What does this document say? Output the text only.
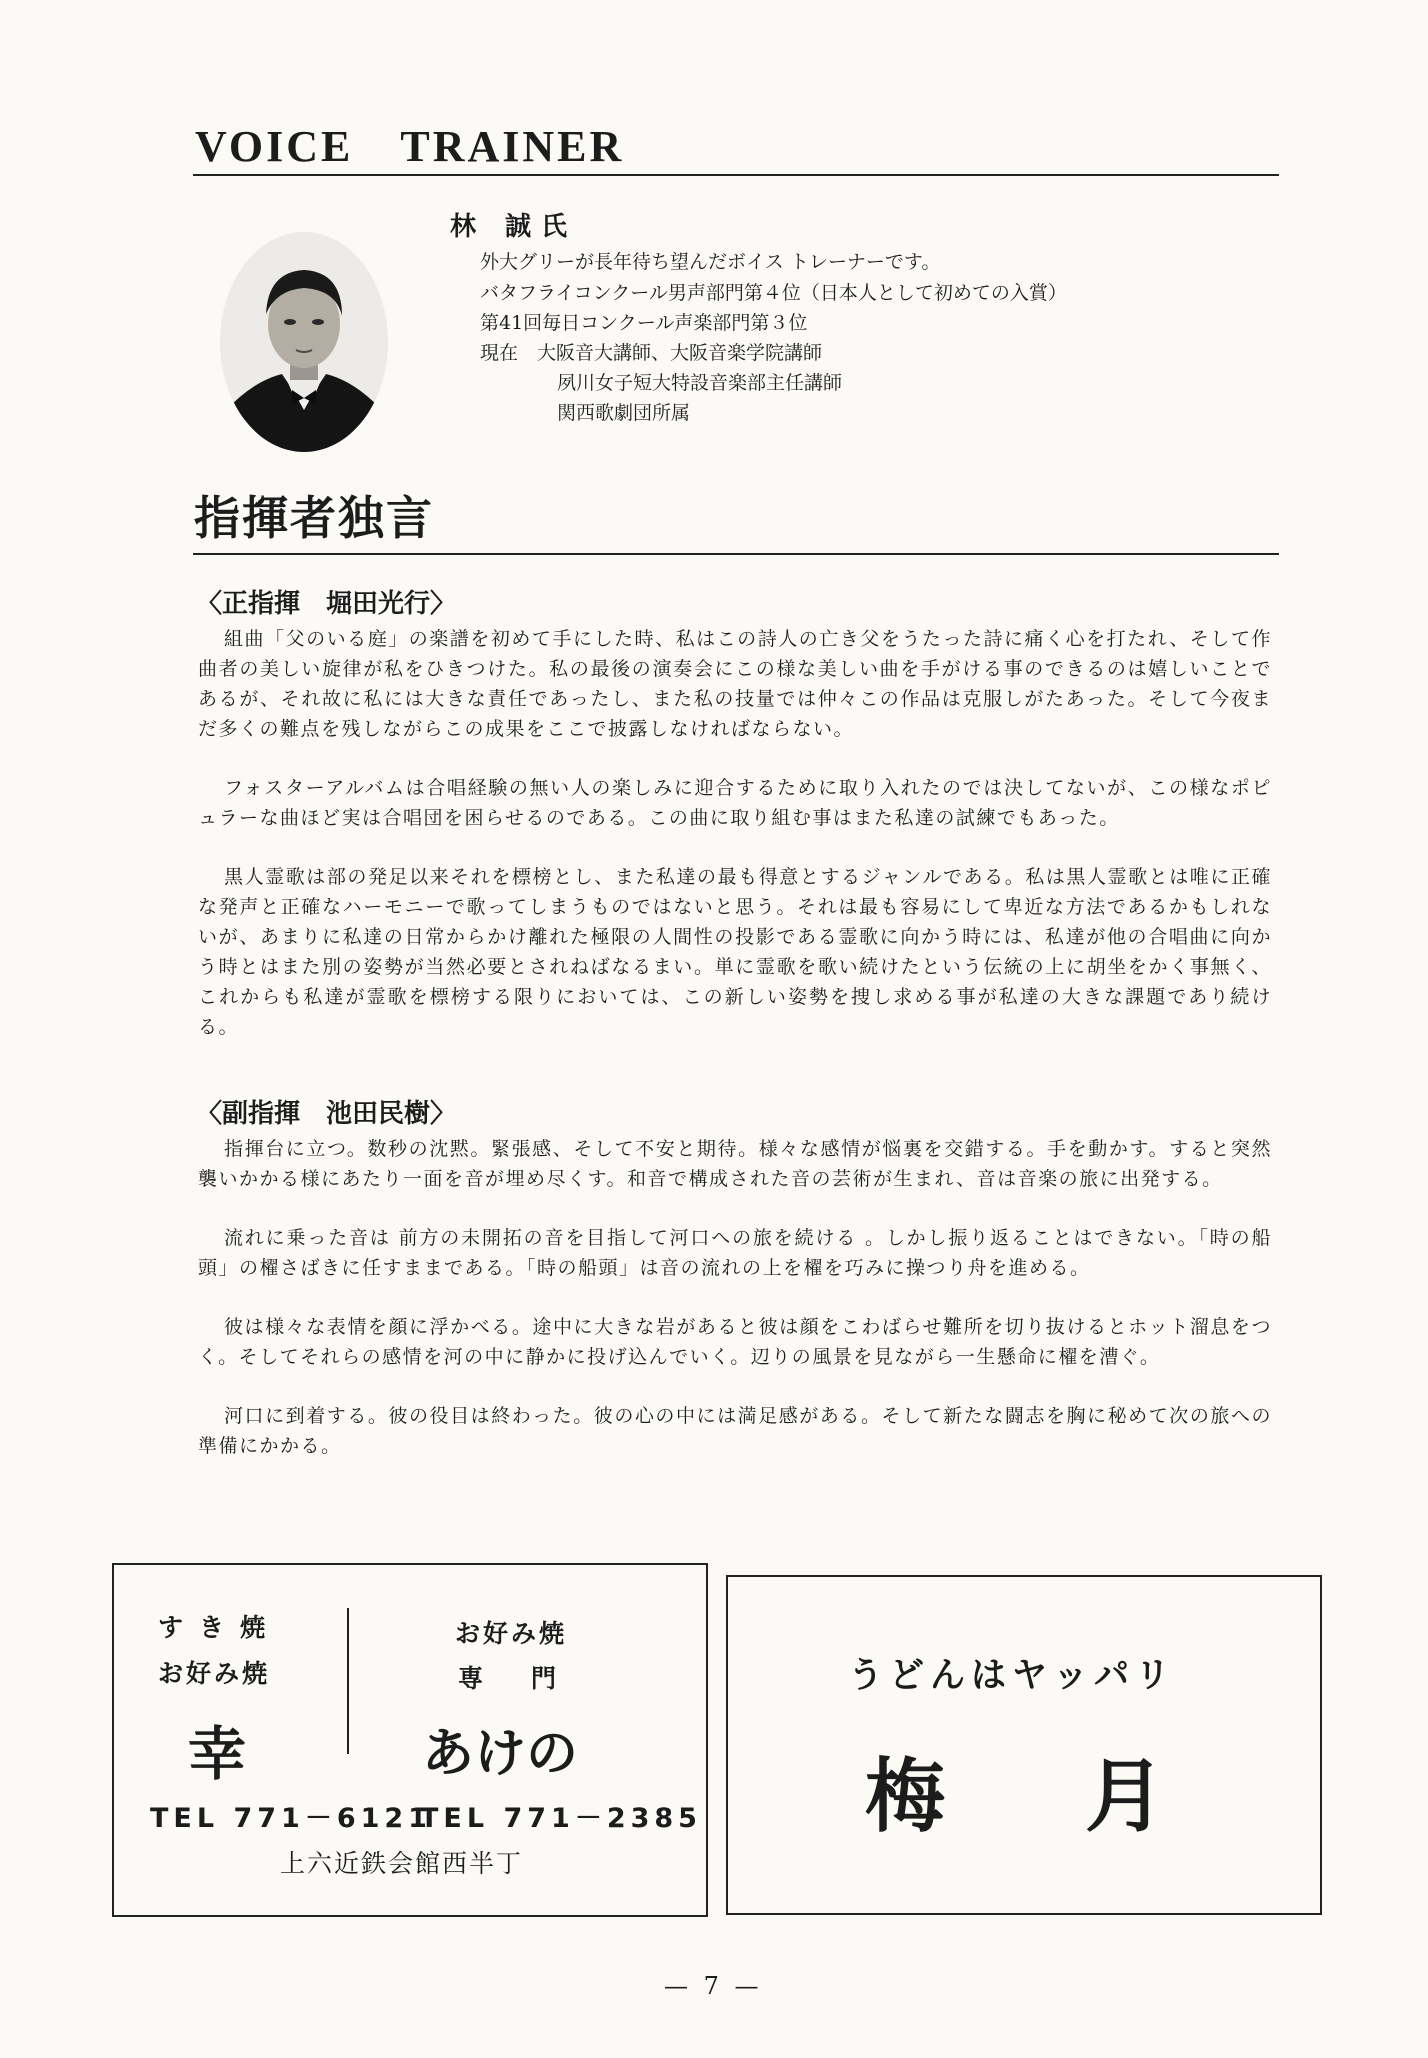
VOICE　TRAINER
林 誠氏
外大グリーが長年待ち望んだボイス トレーナーです。
バタフライコンクール男声部門第４位（日本人として初めての入賞）
第41回毎日コンクール声楽部門第３位
現在　大阪音大講師、大阪音楽学院講師
夙川女子短大特設音楽部主任講師
関西歌劇団所属
指揮者独言
〈正指揮　堀田光行〉

組曲「父のいる庭」の楽譜を初めて手にした時、私はこの詩人の亡き父をうたった詩に痛く心を打たれ、そして作曲者の美しい旋律が私をひきつけた。私の最後の演奏会にこの様な美しい曲を手がける事のできるのは嬉しいことであるが、それ故に私には大きな責任であったし、また私の技量では仲々この作品は克服しがたあった。そして今夜まだ多くの難点を残しながらこの成果をここで披露しなければならない。

フォスターアルバムは合唱経験の無い人の楽しみに迎合するために取り入れたのでは決してないが、この様なポピュラーな曲ほど実は合唱団を困らせるのである。この曲に取り組む事はまた私達の試練でもあった。

黒人霊歌は部の発足以来それを標榜とし、また私達の最も得意とするジャンルである。私は黒人霊歌とは唯に正確な発声と正確なハーモニーで歌ってしまうものではないと思う。それは最も容易にして卑近な方法であるかもしれないが、あまりに私達の日常からかけ離れた極限の人間性の投影である霊歌に向かう時には、私達が他の合唱曲に向かう時とはまた別の姿勢が当然必要とされねばなるまい。単に霊歌を歌い続けたという伝統の上に胡坐をかく事無く、これからも私達が霊歌を標榜する限りにおいては、この新しい姿勢を捜し求める事が私達の大きな課題であり続ける。

〈副指揮　池田民樹〉

指揮台に立つ。数秒の沈黙。緊張感、そして不安と期待。様々な感情が悩裏を交錯する。手を動かす。すると突然襲いかかる様にあたり一面を音が埋め尽くす。和音で構成された音の芸術が生まれ、音は音楽の旅に出発する。

流れに乗った音は 前方の未開拓の音を目指して河口への旅を続ける 。しかし振り返ることはできない。「時の船頭」の櫂さばきに任すままである。「時の船頭」は音の流れの上を櫂を巧みに操つり舟を進める。

彼は様々な表情を顔に浮かべる。途中に大きな岩があると彼は顔をこわばらせ難所を切り抜けるとホット溜息をつく。そしてそれらの感情を河の中に静かに投げ込んでいく。辺りの風景を見ながら一生懸命に櫂を漕ぐ。

河口に到着する。彼の役目は終わった。彼の心の中には満足感がある。そして新たな闘志を胸に秘めて次の旅への準備にかかる。

すき焼
お好み焼
幸
お好み焼
専門
あけの
TEL 771－6121
TEL 771－2385
上六近鉄会館西半丁
うどんはヤッパリ
梅月
— 7 —
